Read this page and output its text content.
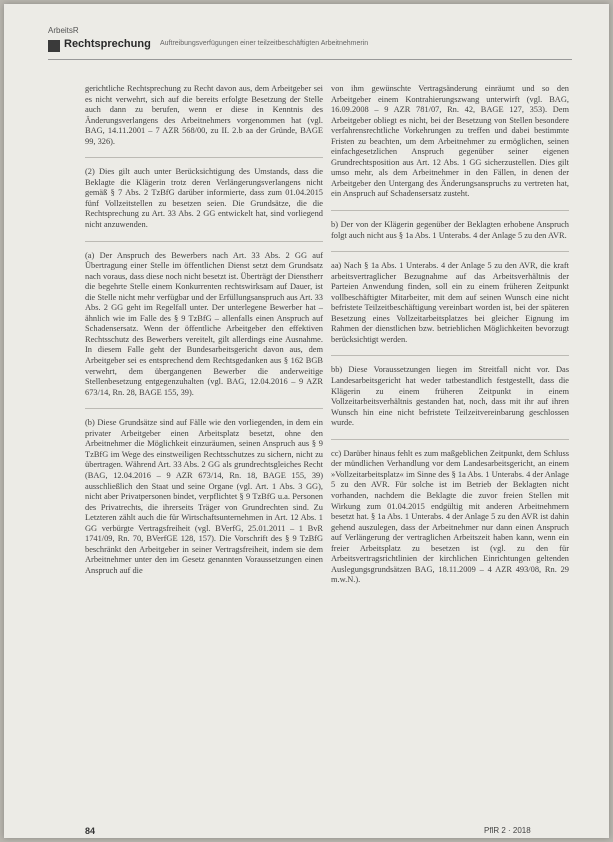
ArbeitsR
Rechtsprechung Auftreibungsverfügungen einer teilzeitbeschäftigten Arbeitnehmerin

gerichtliche Rechtsprechung zu Recht davon aus, dem Arbeitgeber sei es nicht verwehrt, sich auf die bereits erfolgte Besetzung der Stelle auch dann zu berufen, wenn er diese in Kenntnis des Änderungsverlangens des Arbeitnehmers vorgenommen hat (vgl. BAG, 14.11.2001 – 7 AZR 568/00, zu II. 2.b aa der Gründe, BAGE 99, 326).

(2) Dies gilt auch unter Berücksichtigung des Umstands, dass die Beklagte die Klägerin trotz deren Verlängerungsverlangens nicht gemäß § 7 Abs. 2 TzBfG darüber informierte, dass zum 01.04.2015 fünf Vollzeitstellen zu besetzen seien. Die Grundsätze, die die Rechtsprechung zu Art. 33 Abs. 2 GG entwickelt hat, sind vorliegend nicht anzuwenden.

(a) Der Anspruch des Bewerbers nach Art. 33 Abs. 2 GG auf Übertragung einer Stelle im öffentlichen Dienst setzt dem Grundsatz nach voraus, dass diese noch nicht besetzt ist. Überträgt der Dienstherr die begehrte Stelle einem Konkurrenten rechtswirksam auf Dauer, ist die Stelle nicht mehr verfügbar und der Erfüllungsanspruch aus Art. 33 Abs. 2 GG geht im Regelfall unter. Der unterlegene Bewerber hat – ähnlich wie im Falle des § 9 TzBfG – allenfalls einen Anspruch auf Schadensersatz. Wenn der öffentliche Arbeitgeber den effektiven Rechtsschutz des Bewerbers vereitelt, gilt allerdings eine Ausnahme. In diesem Falle geht der Bundesarbeitsgericht davon aus, dem Arbeitgeber sei es entsprechend dem Rechtsgedanken aus § 162 BGB verwehrt, dem übergangenen Bewerber die anderweitige Stellenbesetzung entgegenzuhalten (vgl. BAG, 12.04.2016 – 9 AZR 673/14, Rn. 28, BAGE 155, 39).

(b) Diese Grundsätze sind auf Fälle wie den vorliegenden, in dem ein privater Arbeitgeber einen Arbeitsplatz besetzt, ohne den Arbeitnehmer die Möglichkeit einzuräumen, seinen Anspruch aus § 9 TzBfG im Wege des einstweiligen Rechtsschutzes zu sichern, nicht zu übertragen. Während Art. 33 Abs. 2 GG als grundrechtsgleiches Recht (BAG, 12.04.2016 – 9 AZR 673/14, Rn. 18, BAGE 155, 39) ausschließlich den Staat und seine Organe (vgl. Art. 1 Abs. 3 GG), nicht aber Privatpersonen bindet, verpflichtet § 9 TzBfG u.a. Personen des Privatrechts, die ihrerseits Träger von Grundrechten sind. Zu Letzteren zählt auch die für Wirtschaftsunternehmen in Art. 12 Abs. 1 GG verbürgte Vertragsfreiheit (vgl. BVerfG, 25.01.2011 – 1 BvR 1741/09, Rn. 70, BVerfGE 128, 157). Die Vorschrift des § 9 TzBfG beschränkt den Arbeitgeber in seiner Vertragsfreiheit, indem sie dem Arbeitnehmer unter den im Gesetz genannten Voraussetzungen einen Anspruch auf die

von ihm gewünschte Vertragsänderung einräumt und so den Arbeitgeber einem Kontrahierungszwang unterwirft (vgl. BAG, 16.09.2008 – 9 AZR 781/07, Rn. 42, BAGE 127, 353). Dem Arbeitgeber obliegt es nicht, bei der Besetzung von Stellen besondere verfahrensrechtliche Vorkehrungen zu treffen und dabei bestimmte Fristen zu beachten, um dem Arbeitnehmer zu ermöglichen, seinen einfachgesetzlichen Anspruch gegenüber seiner eigenen Grundrechtsposition aus Art. 12 Abs. 1 GG sicherzustellen. Dies gilt umso mehr, als dem Arbeitnehmer in den Fällen, in denen der Arbeitgeber den Untergang des Änderungsanspruchs zu vertreten hat, ein Anspruch auf Schadensersatz zusteht.

b) Der von der Klägerin gegenüber der Beklagten erhobene Anspruch folgt auch nicht aus § 1a Abs. 1 Unterabs. 4 der Anlage 5 zu den AVR.

aa) Nach § 1a Abs. 1 Unterabs. 4 der Anlage 5 zu den AVR, die kraft arbeitsvertraglicher Bezugnahme auf das Arbeitsverhältnis der Parteien Anwendung finden, soll ein zu einem früheren Zeitpunkt vollbeschäftigter Mitarbeiter, mit dem auf seinen Wunsch eine nicht befristete Teilzeitbeschäftigung vereinbart worden ist, bei der späteren Besetzung eines Vollzeitarbeitsplatzes bei gleicher Eignung im Rahmen der dienstlichen bzw. betrieblichen Möglichkeiten bevorzugt berücksichtigt werden.

bb) Diese Voraussetzungen liegen im Streitfall nicht vor. Das Landesarbeitsgericht hat weder tatbestandlich festgestellt, dass die Klägerin zu einem früheren Zeitpunkt in einem Vollzeitarbeitsverhältnis gestanden hat, noch, dass mit ihr auf ihren Wunsch hin eine nicht befristete Teilzeitvereinbarung geschlossen wurde.

cc) Darüber hinaus fehlt es zum maßgeblichen Zeitpunkt, dem Schluss der mündlichen Verhandlung vor dem Landesarbeitsgericht, an einem »Vollzeitarbeitsplatz« im Sinne des § 1a Abs. 1 Unterabs. 4 der Anlage 5 zu den AVR. Für solche ist im Betrieb der Beklagten nicht vorhanden, nachdem die Beklagte die zuvor freien Stellen mit Wirkung zum 01.04.2015 endgültig mit anderen Arbeitnehmern besetzt hat. § 1a Abs. 1 Unterabs. 4 der Anlage 5 zu den AVR ist dahin gehend auszulegen, dass der Arbeitnehmer nur dann einen Anspruch auf Verlängerung der vertraglichen Arbeitszeit haben kann, wenn ein freier Arbeitsplatz zu besetzen ist (vgl. zu den für Arbeitsvertragsrichtlinien der kirchlichen Einrichtungen geltenden Auslegungsgrundsätzen BAG, 18.11.2009 – 4 AZR 493/08, Rn. 29 m.w.N.).

84	PflR 2 · 2018
